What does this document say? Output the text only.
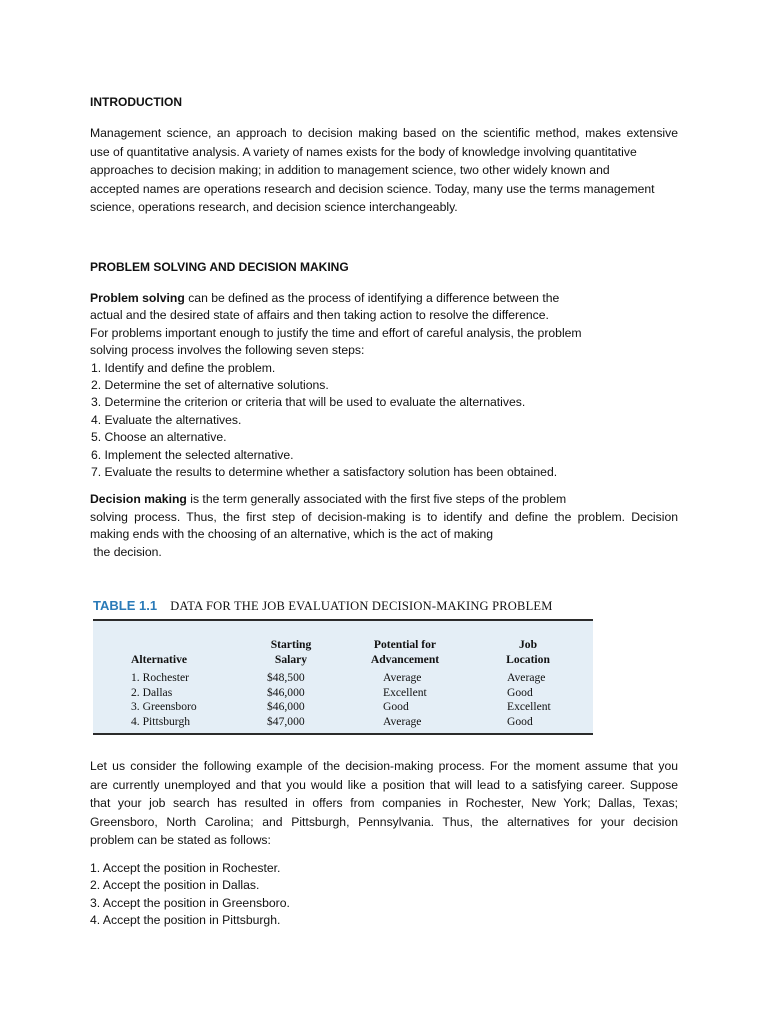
INTRODUCTION

Management science, an approach to decision making based on the scientific method, makes extensive
use of quantitative analysis. A variety of names exists for the body of knowledge involving quantitative
approaches to decision making; in addition to management science, two other widely known and
accepted names are operations research and decision science. Today, many use the terms management
science, operations research, and decision science interchangeably.

PROBLEM SOLVING AND DECISION MAKING

Problem solving can be defined as the process of identifying a difference between the
actual and the desired state of affairs and then taking action to resolve the difference.
For problems important enough to justify the time and effort of careful analysis, the problem
solving process involves the following seven steps:

1. Identify and define the problem.
2. Determine the set of alternative solutions.
3. Determine the criterion or criteria that will be used to evaluate the alternatives.
4. Evaluate the alternatives.
5. Choose an alternative.
6. Implement the selected alternative.
7. Evaluate the results to determine whether a satisfactory solution has been obtained.

Decision making is the term generally associated with the first five steps of the problem
solving process. Thus, the first step of decision-making is to identify and define the problem. Decision
making ends with the choosing of an alternative, which is the act of making
the decision.

TABLE 1.1 DATA FOR THE JOB EVALUATION DECISION-MAKING PROBLEM
Alternative
1. Rochester
2. Dallas
3. Greensboro
4. Pittsburgh
Starting
Salary
$48,500
$46,000
$46,000
$47,000
Potential for
Advancement
Average
Excellent
Good
Average
Job
Location
Average
Good
Excellent
Good

Let us consider the following example of the decision-making process. For the moment assume that you
are currently unemployed and that you would like a position that will lead to a satisfying career. Suppose
that your job search has resulted in offers from companies in Rochester, New York; Dallas, Texas;
Greensboro, North Carolina; and Pittsburgh, Pennsylvania. Thus, the alternatives for your decision
problem can be stated as follows:

1. Accept the position in Rochester.
2. Accept the position in Dallas.
3. Accept the position in Greensboro.
4. Accept the position in Pittsburgh.
